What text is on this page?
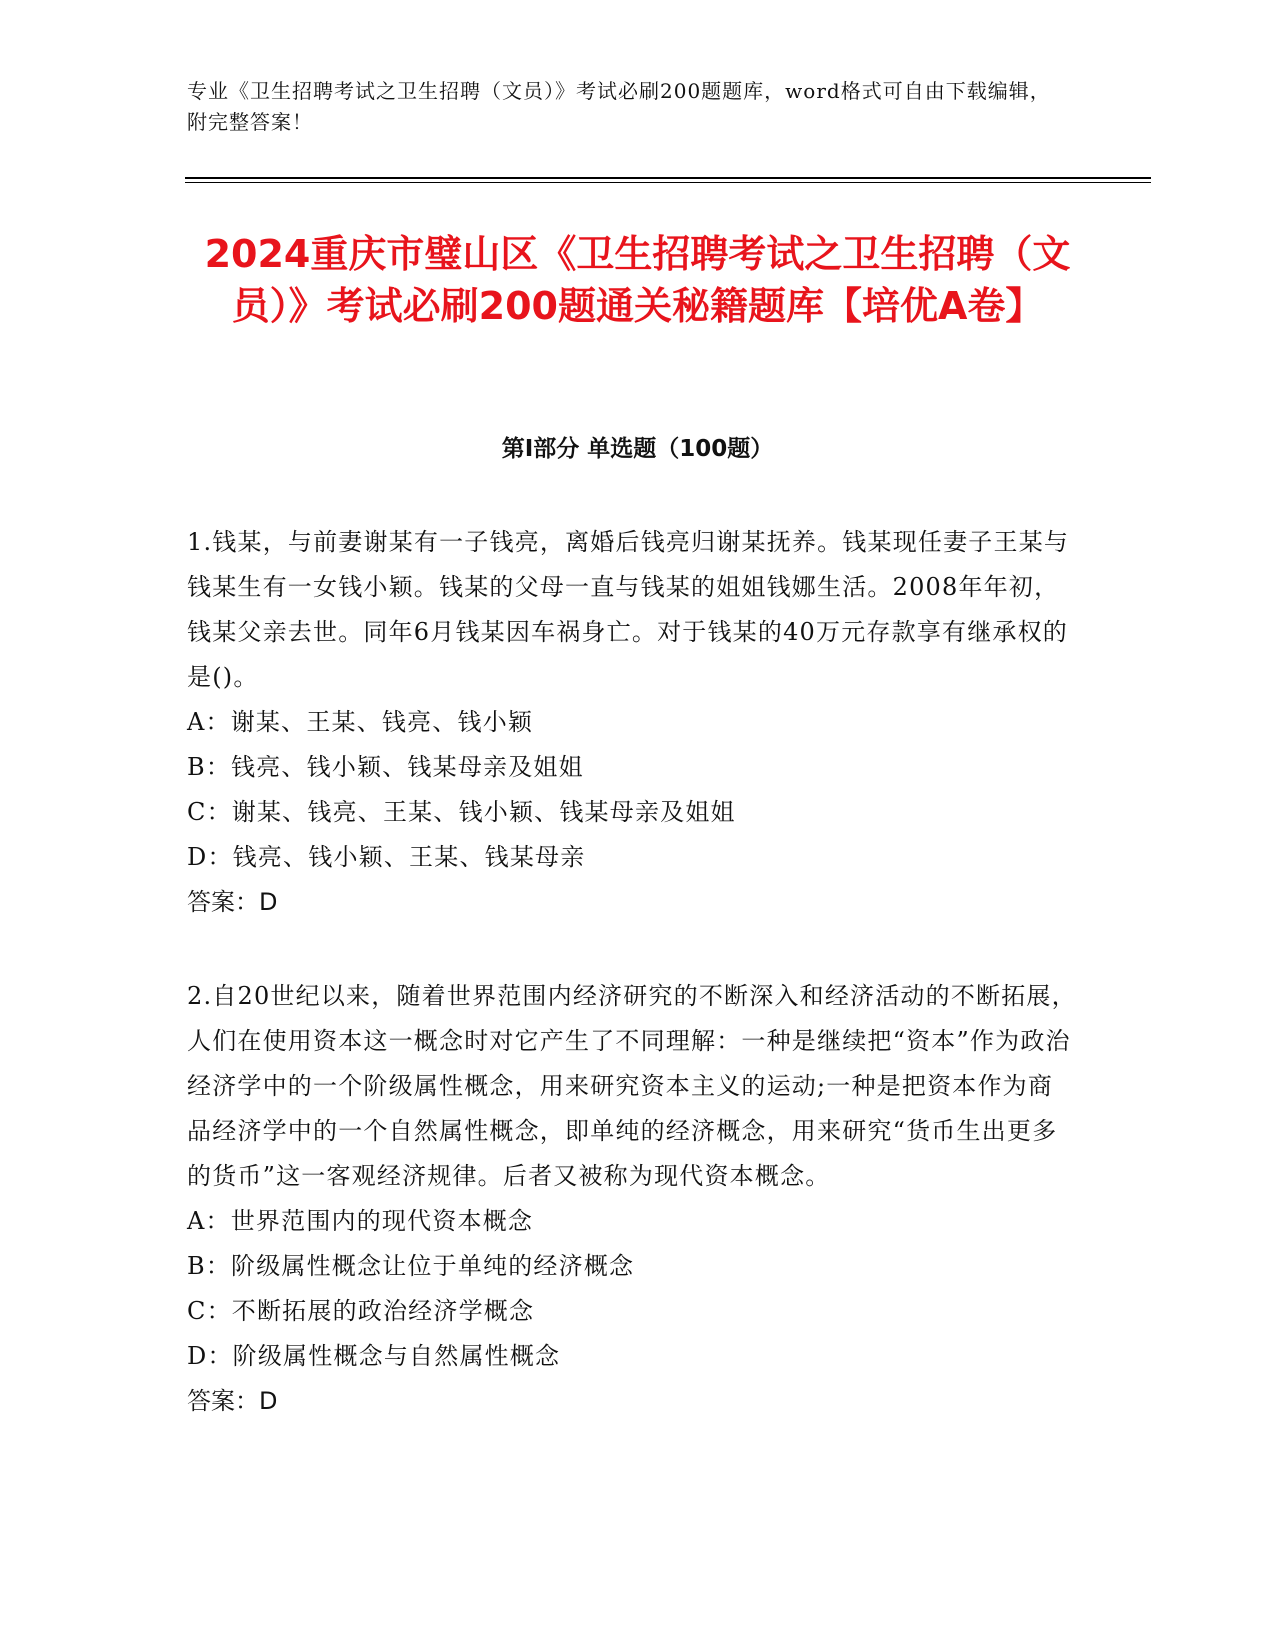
专业《卫生招聘考试之卫生招聘（文员）》考试必刷200题题库，word格式可自由下载编辑，附完整答案！
2024重庆市璧山区《卫生招聘考试之卫生招聘（文员）》考试必刷200题通关秘籍题库【培优A卷】
第Ⅰ部分 单选题（100题）
1.钱某，与前妻谢某有一子钱亮，离婚后钱亮归谢某抚养。钱某现任妻子王某与钱某生有一女钱小颖。钱某的父母一直与钱某的姐姐钱娜生活。2008年年初，钱某父亲去世。同年6月钱某因车祸身亡。对于钱某的40万元存款享有继承权的是()。
A：谢某、王某、钱亮、钱小颖
B：钱亮、钱小颖、钱某母亲及姐姐
C：谢某、钱亮、王某、钱小颖、钱某母亲及姐姐
D：钱亮、钱小颖、王某、钱某母亲
答案：D
2.自20世纪以来，随着世界范围内经济研究的不断深入和经济活动的不断拓展，人们在使用资本这一概念时对它产生了不同理解：一种是继续把“资本”作为政治经济学中的一个阶级属性概念，用来研究资本主义的运动;一种是把资本作为商品经济学中的一个自然属性概念，即单纯的经济概念，用来研究“货币生出更多的货币”这一客观经济规律。后者又被称为现代资本概念。
A：世界范围内的现代资本概念
B：阶级属性概念让位于单纯的经济概念
C：不断拓展的政治经济学概念
D：阶级属性概念与自然属性概念
答案：D
